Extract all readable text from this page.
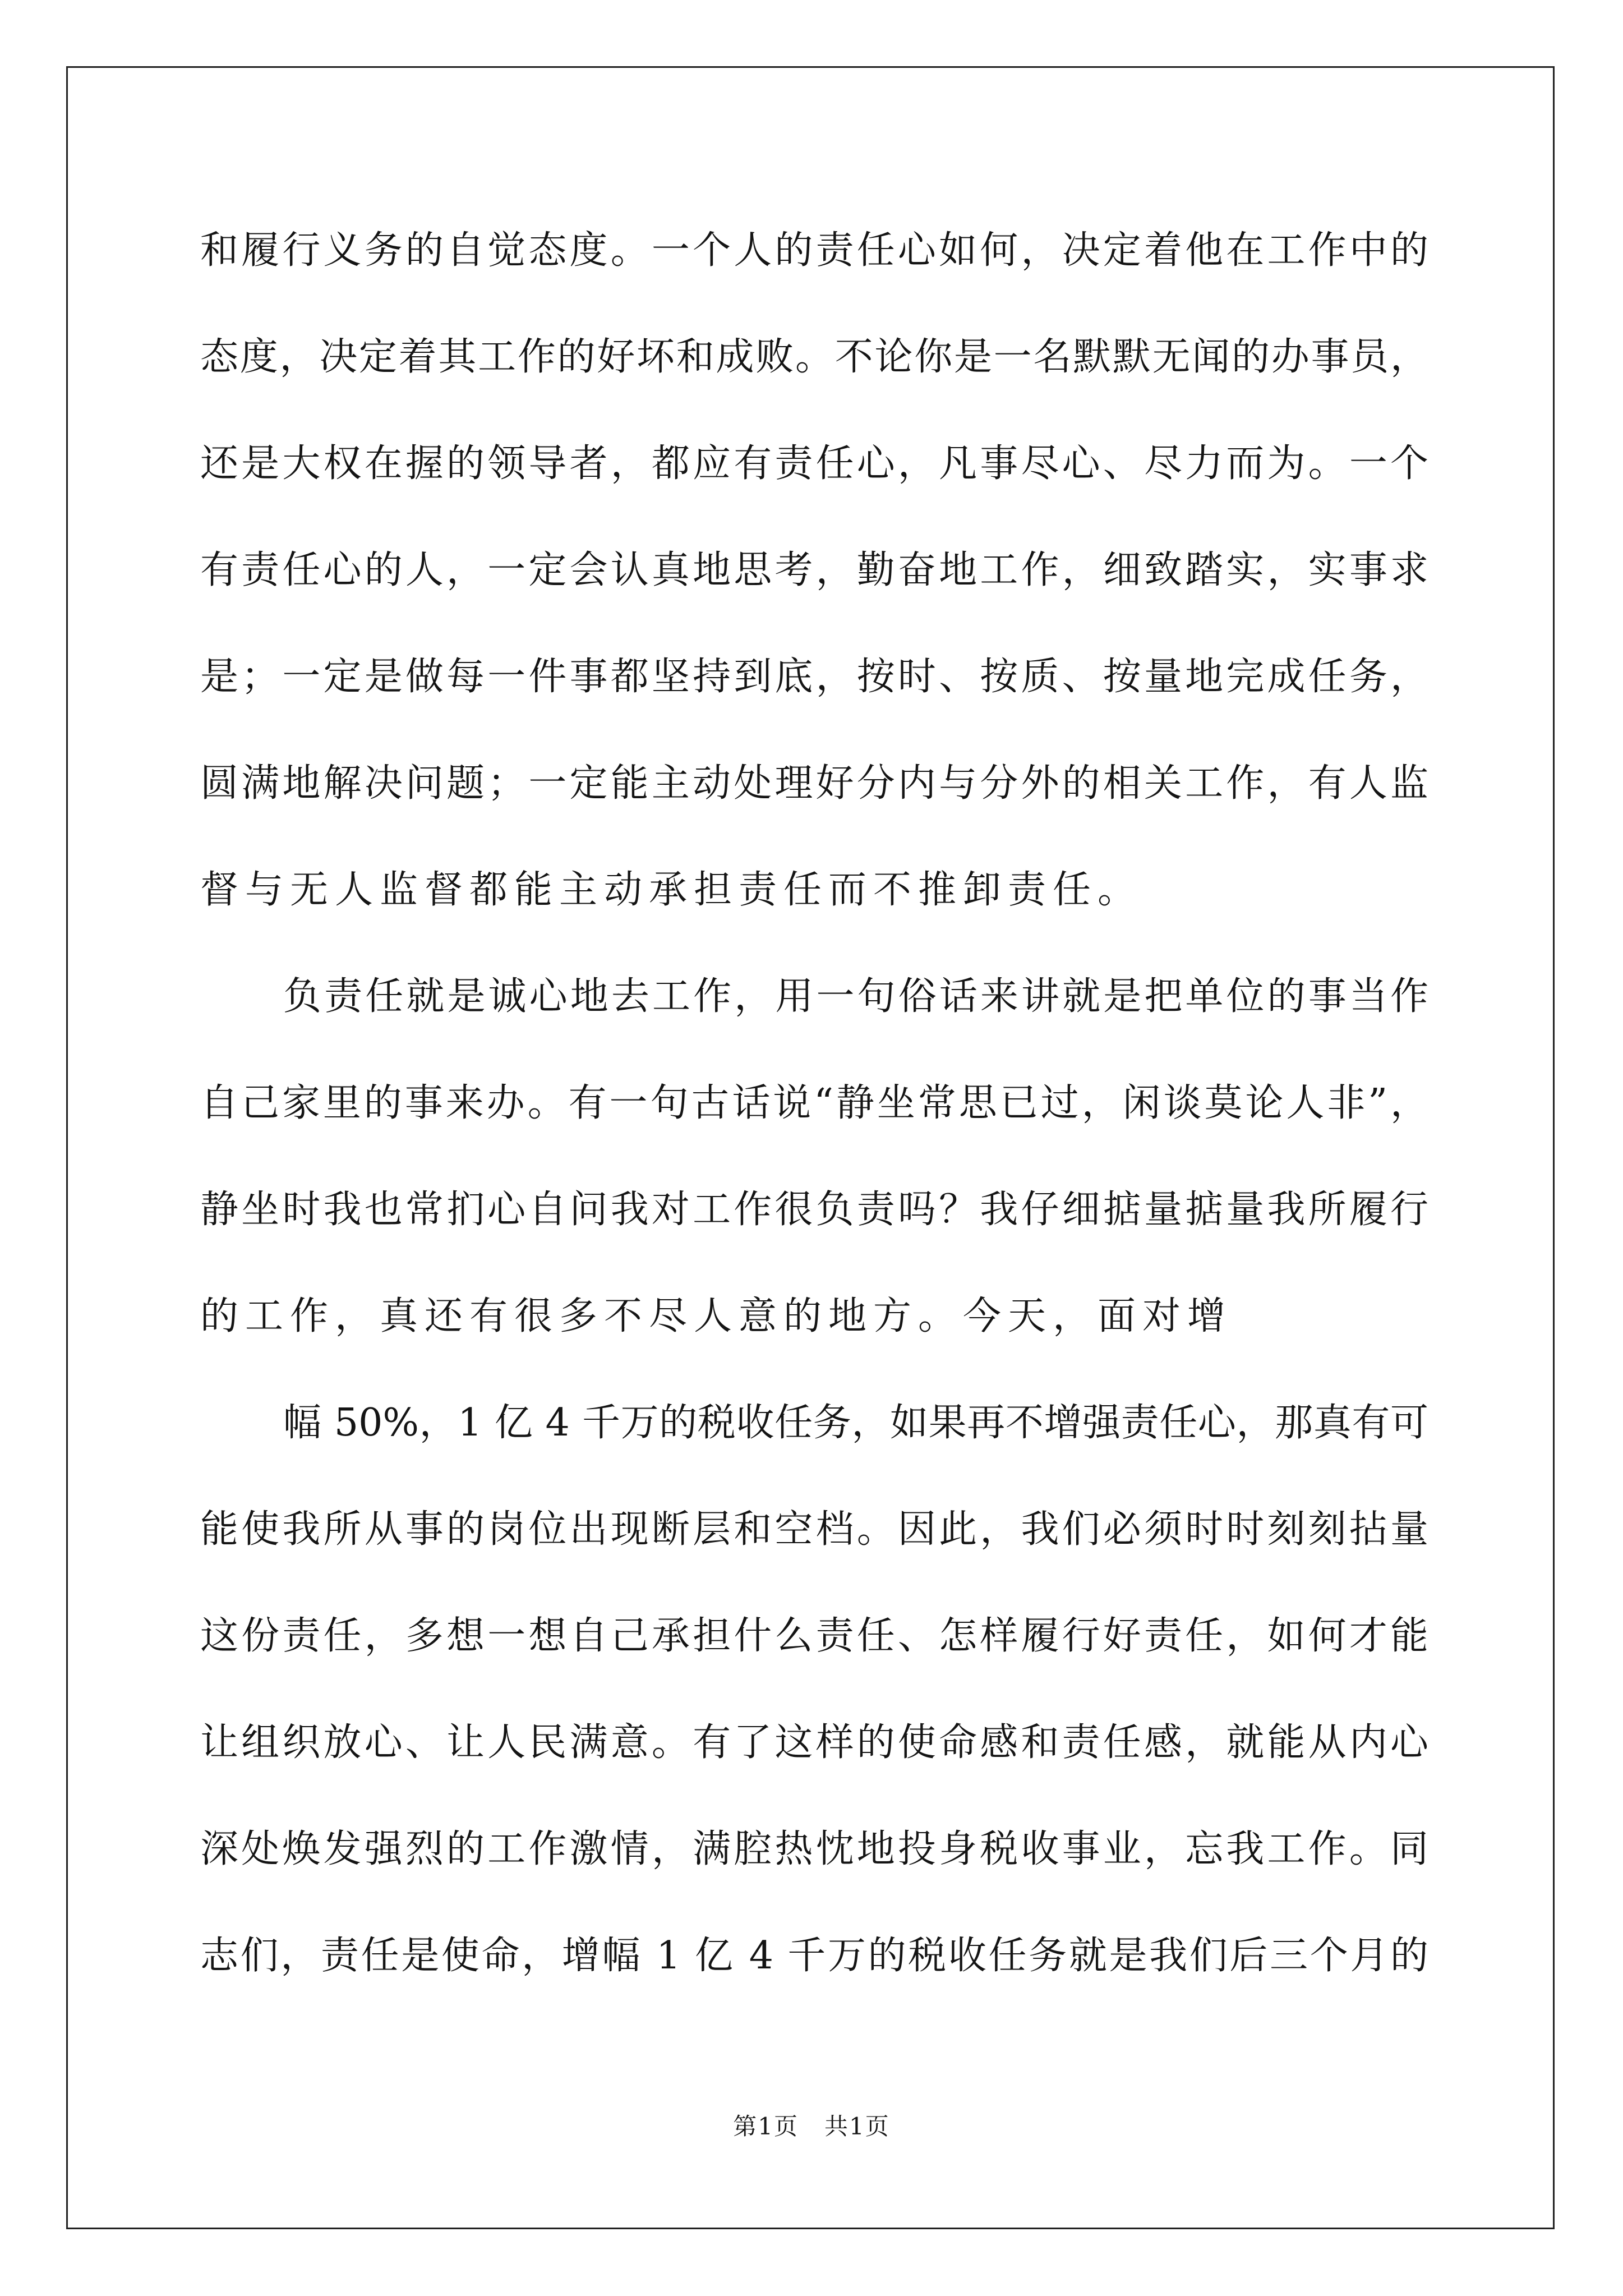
和履行义务的自觉态度。一个人的责任心如何，决定着他在工作中的
态度，决定着其工作的好坏和成败。不论你是一名默默无闻的办事员，
还是大权在握的领导者，都应有责任心，凡事尽心、尽力而为。一个
有责任心的人，一定会认真地思考，勤奋地工作，细致踏实，实事求
是；一定是做每一件事都坚持到底，按时、按质、按量地完成任务，
圆满地解决问题；一定能主动处理好分内与分外的相关工作，有人监
督与无人监督都能主动承担责任而不推卸责任。
负责任就是诚心地去工作，用一句俗话来讲就是把单位的事当作
自己家里的事来办。有一句古话说“静坐常思已过，闲谈莫论人非”，
静坐时我也常扪心自问我对工作很负责吗？我仔细掂量掂量我所履行
的工作，真还有很多不尽人意的地方。今天，面对增
幅 50%，1 亿 4 千万的税收任务，如果再不增强责任心，那真有可
能使我所从事的岗位出现断层和空档。因此，我们必须时时刻刻拈量
这份责任，多想一想自己承担什么责任、怎样履行好责任，如何才能
让组织放心、让人民满意。有了这样的使命感和责任感，就能从内心
深处焕发强烈的工作激情，满腔热忱地投身税收事业，忘我工作。同
志们，责任是使命，增幅 1 亿 4 千万的税收任务就是我们后三个月的
第1页   共1页
